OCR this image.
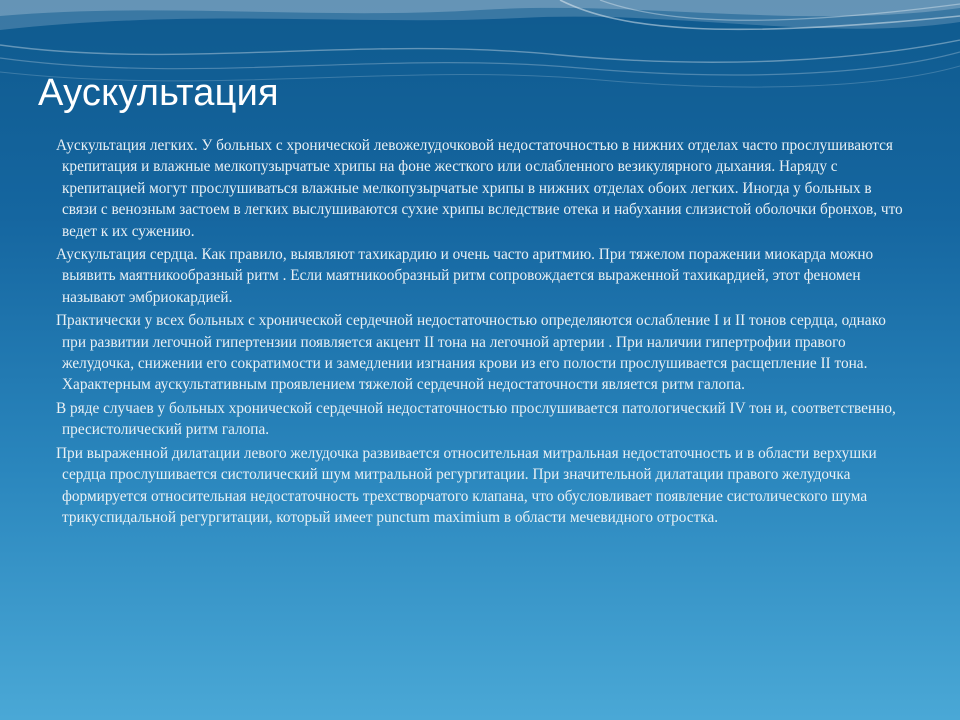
Аускультация
Аускультация легких. У больных с хронической левожелудочковой недостаточностью в нижних отделах часто прослушиваются крепитация и влажные мелкопузырчатые хрипы на фоне жесткого или ослабленного везикулярного дыхания. Наряду с крепитацией могут прослушиваться влажные мелкопузырчатые хрипы в нижних отделах обоих легких. Иногда у больных в связи с венозным застоем в легких выслушиваются сухие хрипы вследствие отека и набухания слизистой оболочки бронхов, что ведет к их сужению.
Аускультация сердца. Как правило, выявляют тахикардию и очень часто аритмию. При тяжелом поражении миокарда можно выявить маятникообразный ритм . Если маятникообразный ритм сопровождается выраженной тахикардией, этот феномен называют эмбриокардией.
Практически у всех больных с хронической сердечной недостаточностью определяются ослабление I и II тонов сердца, однако при развитии легочной гипертензии появляется акцент II тона на легочной артерии . При наличии гипертрофии правого желудочка, снижении его сократимости и замедлении изгнания крови из его полости прослушивается расщепление II тона. Характерным аускультативным проявлением тяжелой сердечной недостаточности является ритм галопа.
В ряде случаев у больных хронической сердечной недостаточностью прослушивается патологический IV тон и, соответственно, пресистолический ритм галопа.
При выраженной дилатации левого желудочка развивается относительная митральная недостаточность и в области верхушки сердца прослушивается систолический шум митральной регургитации. При значительной дилатации правого желудочка формируется относительная недостаточность трехстворчатого клапана, что обусловливает появление систолического шума трикуспидальной регургитации, который имеет punctum maximium в области мечевидного отростка.
